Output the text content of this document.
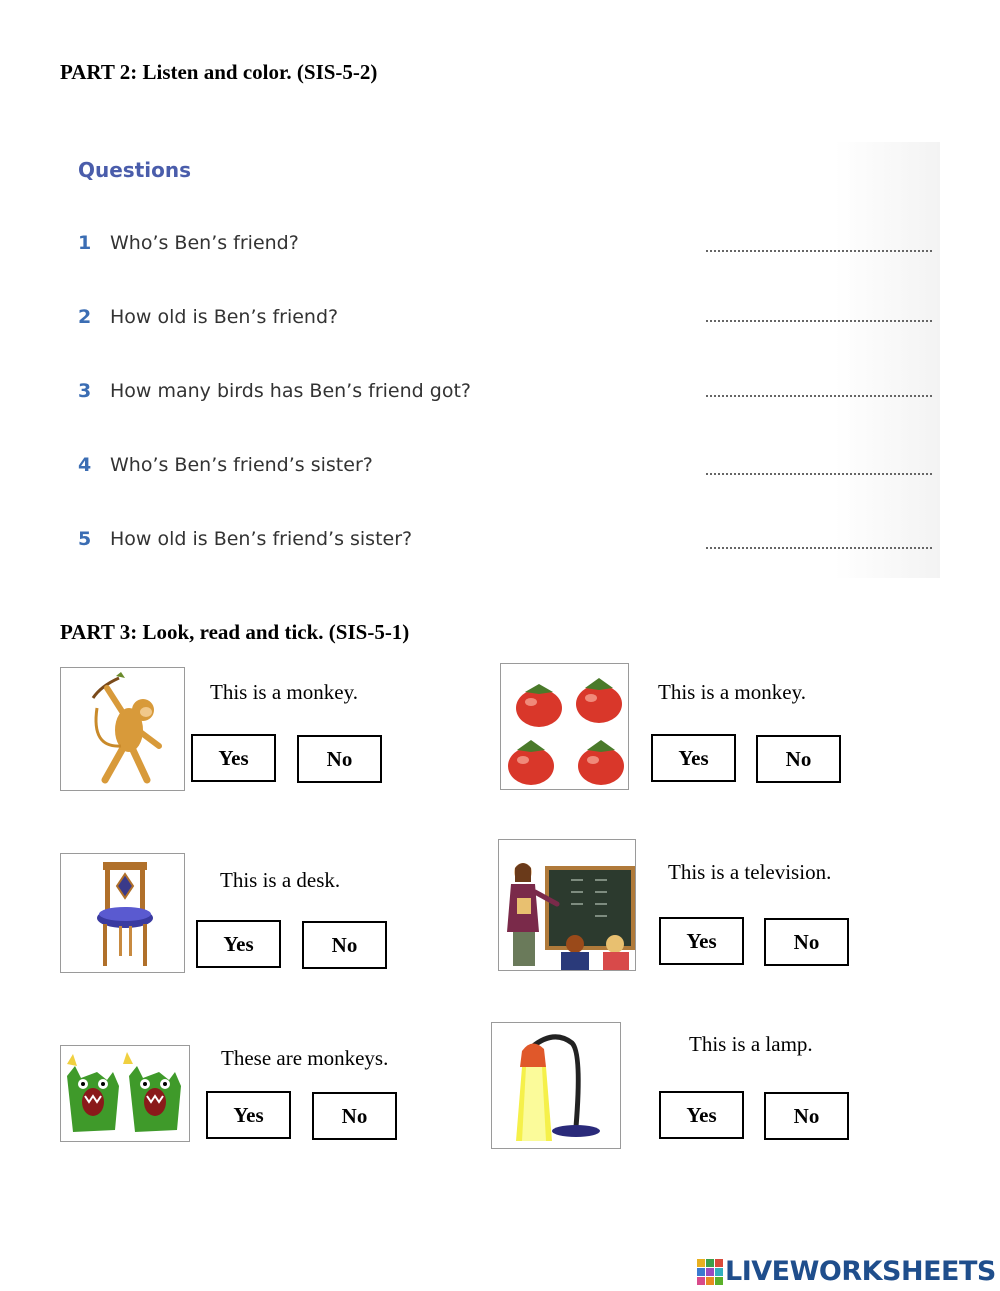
PART 2: Listen and color. (SIS-5-2)
Questions
1 Who’s Ben’s friend?
2 How old is Ben’s friend?
3 How many birds has Ben’s friend got?
4 Who’s Ben’s friend’s sister?
5 How old is Ben’s friend’s sister?
PART 3: Look, read and tick. (SIS-5-1)
This is a monkey.
Yes	No
This is a monkey.
Yes	No
This is a desk.
Yes	No
This is a television.
Yes	No
These are monkeys.
Yes	No
This is a lamp.
Yes	No
LIVEWORKSHEETS
